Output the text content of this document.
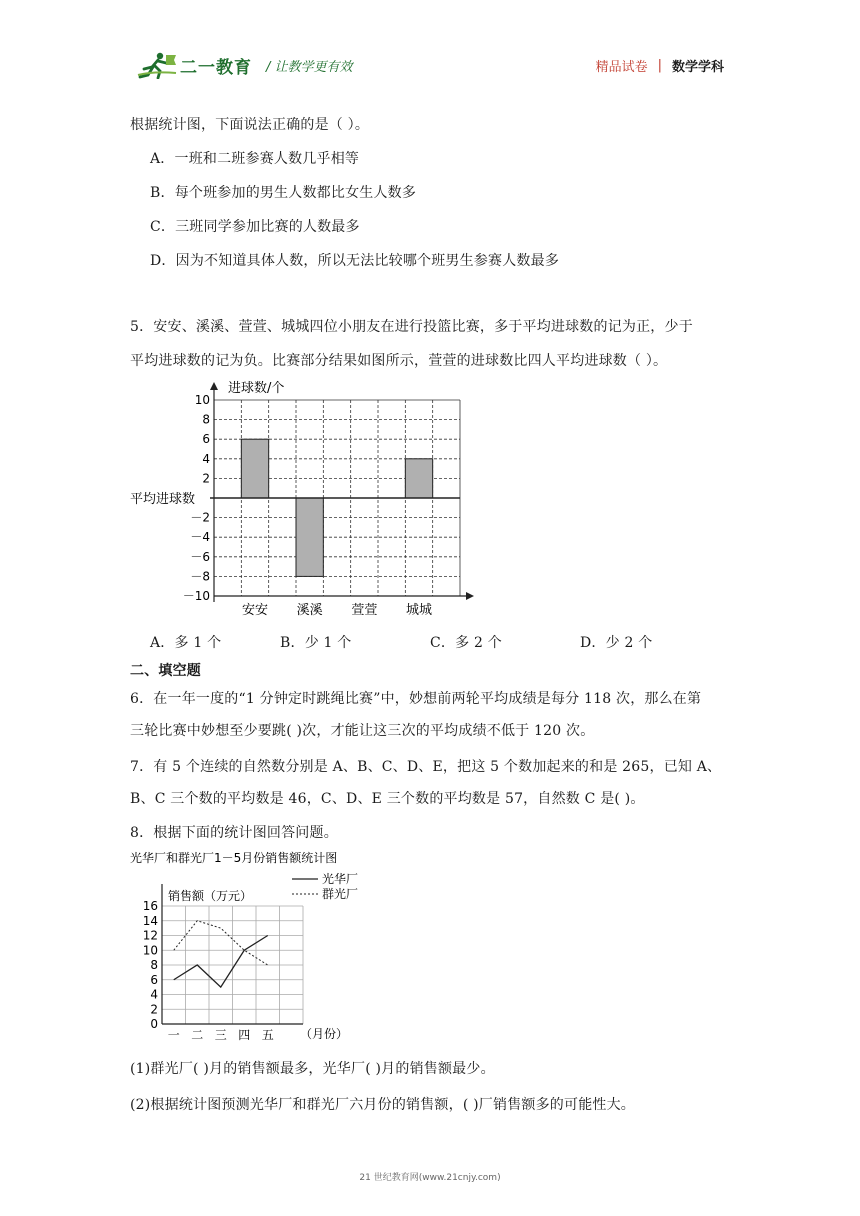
二一教育 / 让教学更有效	精品试卷 | 数学学科
根据统计图，下面说法正确的是（ ）。
A．一班和二班参赛人数几乎相等
B．每个班参加的男生人数都比女生人数多
C．三班同学参加比赛的人数最多
D．因为不知道具体人数，所以无法比较哪个班男生参赛人数最多
5．安安、溪溪、萱萱、城城四位小朋友在进行投篮比赛，多于平均进球数的记为正，少于
平均进球数的记为负。比赛部分结果如图所示，萱萱的进球数比四人平均进球数（ ）。
10
8
6
4
2
－2
－4
－6
－8
－10
安安 溪溪 萱萱 城城
进球数/个
平均进球数
A．多 1 个	B．少 1 个	C．多 2 个	D．少 2 个
二、填空题
6．在一年一度的“1 分钟定时跳绳比赛”中，妙想前两轮平均成绩是每分 118 次，那么在第
三轮比赛中妙想至少要跳( )次，才能让这三次的平均成绩不低于 120 次。
7．有 5 个连续的自然数分别是 A、B、C、D、E，把这 5 个数加起来的和是 265，已知 A、
B、C 三个数的平均数是 46，C、D、E 三个数的平均数是 57，自然数 C 是( )。
8．根据下面的统计图回答问题。
光华厂和群光厂1－5月份销售额统计图
0
2
4
6
8
10
12
14
16
一 二 三 四 五
销售额（万元）
（月份）
光华厂
群光厂
(1)群光厂( )月的销售额最多，光华厂( )月的销售额最少。
(2)根据统计图预测光华厂和群光厂六月份的销售额，( )厂销售额多的可能性大。
21 世纪教育网(www.21cnjy.com)
